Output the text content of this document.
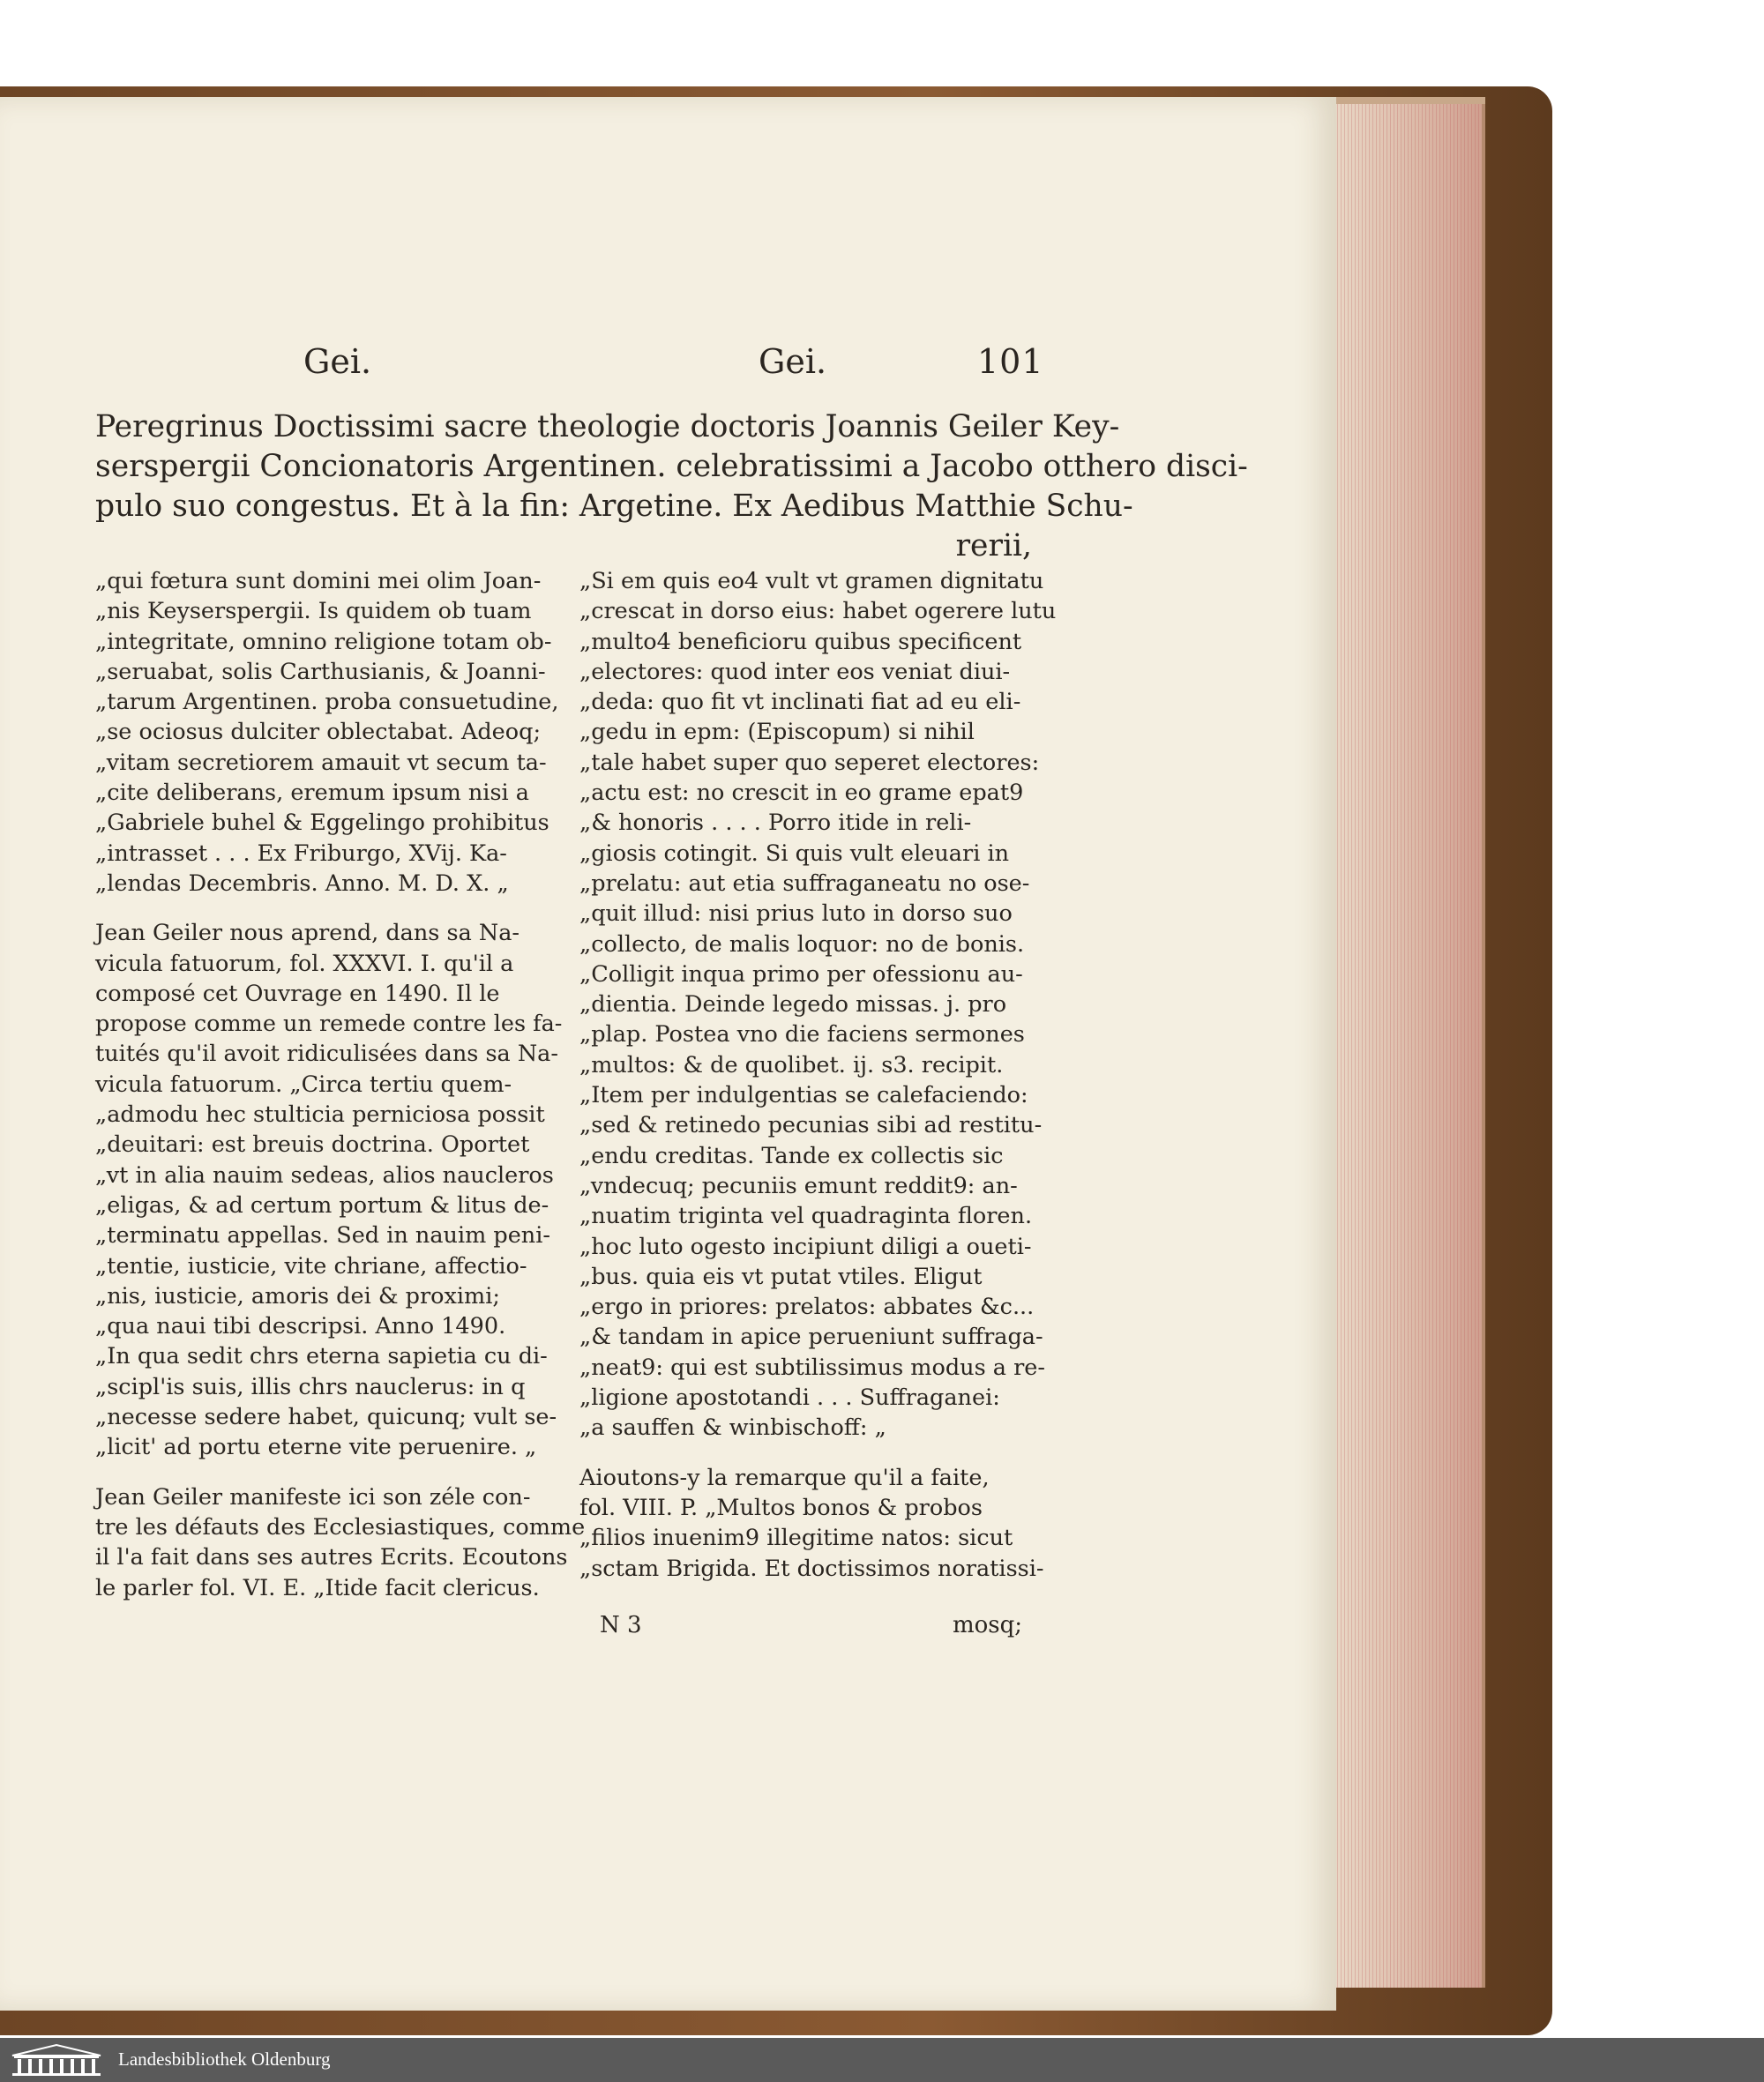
Gei.	Gei.	101
Peregrinus Doctissimi sacre theologie doctoris Joannis Geiler Key-
serspergii Concionatoris Argentinen. celebratissimi a Jacobo otthero disci-
pulo suo congestus. Et à la fin: Argetine. Ex Aedibus Matthie Schu-
rerii,
„qui fœtura sunt domini mei olim Joan-
„nis Keyserspergii. Is quidem ob tuam
„integritate, omnino religione totam ob-
„seruabat, solis Carthusianis, & Joanni-
„tarum Argentinen. proba consuetudine,
„se ociosus dulciter oblectabat. Adeoq;
„vitam secretiorem amauit vt secum ta-
„cite deliberans, eremum ipsum nisi a
„Gabriele buhel & Eggelingo prohibitus
„intrasset . . . Ex Friburgo, XVij. Ka-
„lendas Decembris. Anno. M. D. X. „
Jean Geiler nous aprend, dans sa Na-
vicula fatuorum, fol. XXXVI. I. qu'il a
composé cet Ouvrage en 1490. Il le
propose comme un remede contre les fa-
tuités qu'il avoit ridiculisées dans sa Na-
vicula fatuorum. „Circa tertiu quem-
„admodu hec stulticia perniciosa possit
„deuitari: est breuis doctrina. Oportet
„vt in alia nauim sedeas, alios naucleros
„eligas, & ad certum portum & litus de-
„terminatu appellas. Sed in nauim peni-
„tentie, iusticie, vite chriane, affectio-
„nis, iusticie, amoris dei & proximi;
„qua naui tibi descripsi. Anno 1490.
„In qua sedit chrs eterna sapietia cu di-
„scipl'is suis, illis chrs nauclerus: in q
„necesse sedere habet, quicunq; vult se-
„licit' ad portu eterne vite peruenire. „
Jean Geiler manifeste ici son zéle con-
tre les défauts des Ecclesiastiques, comme
il l'a fait dans ses autres Ecrits. Ecoutons
le parler fol. VI. E. „Itide facit clericus.
„Si em quis eo4 vult vt gramen dignitatu
„crescat in dorso eius: habet ogerere lutu
„multo4 beneficioru quibus specificent
„electores: quod inter eos veniat diui-
„deda: quo fit vt inclinati fiat ad eu eli-
„gedu in epm: (Episcopum) si nihil
„tale habet super quo seperet electores:
„actu est: no crescit in eo grame epat9
„& honoris . . . . Porro itide in reli-
„giosis cotingit. Si quis vult eleuari in
„prelatu: aut etia suffraganeatu no ose-
„quit illud: nisi prius luto in dorso suo
„collecto, de malis loquor: no de bonis.
„Colligit inqua primo per ofessionu au-
„dientia. Deinde legedo missas. j. pro
„plap. Postea vno die faciens sermones
„multos: & de quolibet. ij. s3. recipit.
„Item per indulgentias se calefaciendo:
„sed & retinedo pecunias sibi ad restitu-
„endu creditas. Tande ex collectis sic
„vndecuq; pecuniis emunt reddit9: an-
„nuatim triginta vel quadraginta floren.
„hoc luto ogesto incipiunt diligi a oueti-
„bus. quia eis vt putat vtiles. Eligut
„ergo in priores: prelatos: abbates &c...
„& tandam in apice perueniunt suffraga-
„neat9: qui est subtilissimus modus a re-
„ligione apostotandi . . . Suffraganei:
„a sauffen & winbischoff: „
Aioutons-y la remarque qu'il a faite,
fol. VIII. P. „Multos bonos & probos
„filios inuenim9 illegitime natos: sicut
„sctam Brigida. Et doctissimos noratissi-
N 3	mosq;
Landesbibliothek Oldenburg
